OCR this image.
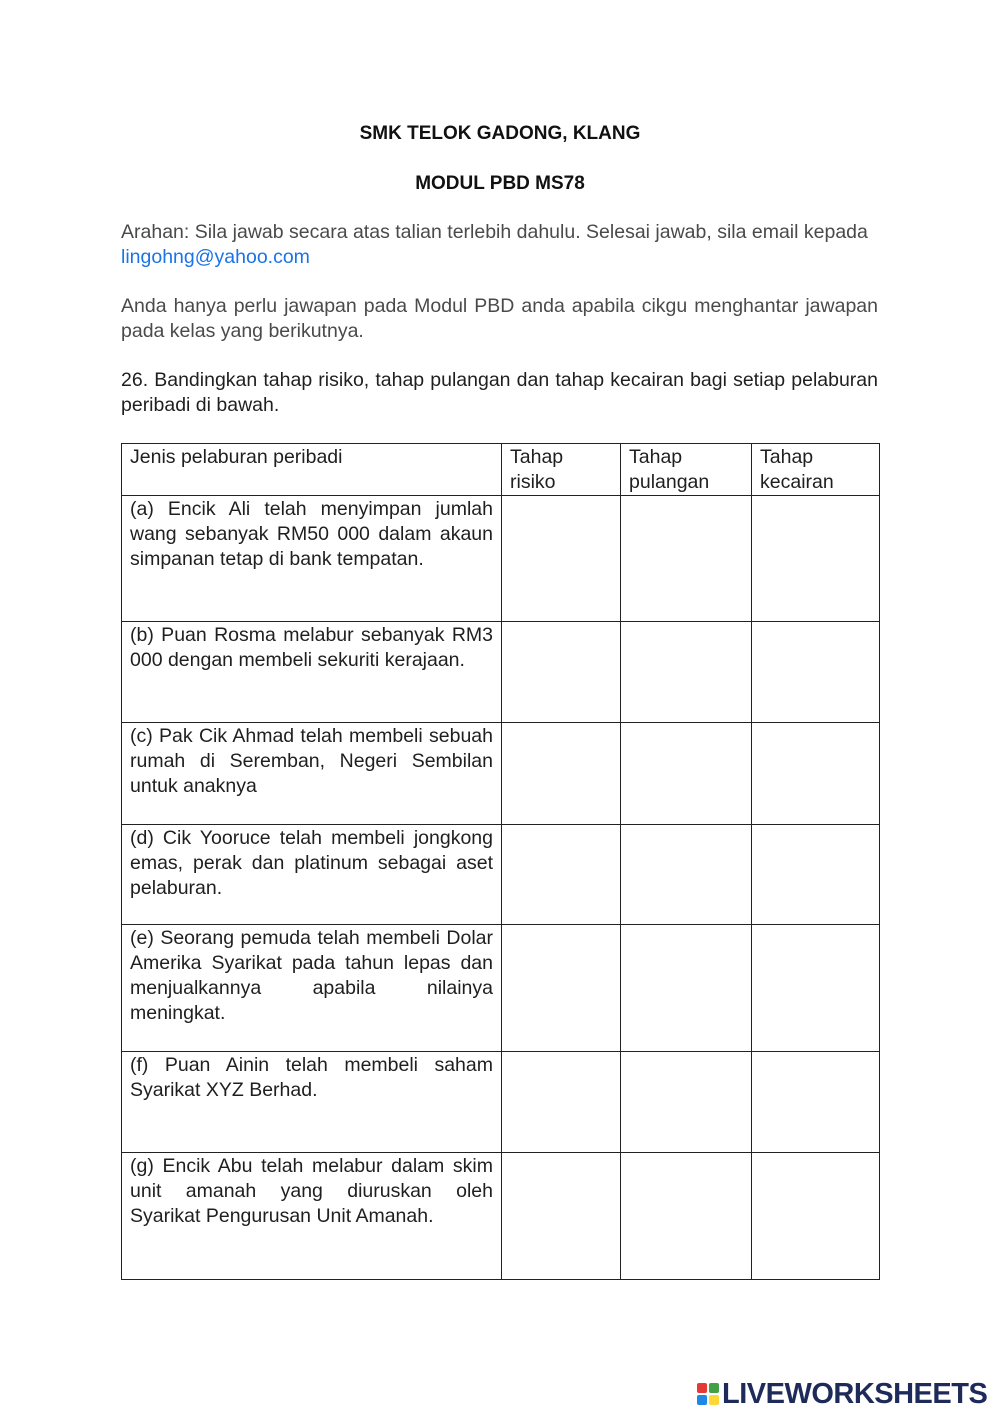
SMK TELOK GADONG, KLANG
MODUL PBD MS78
Arahan: Sila jawab secara atas talian terlebih dahulu. Selesai jawab, sila email kepada lingohng@yahoo.com
Anda hanya perlu jawapan pada Modul PBD anda apabila cikgu menghantar jawapan pada kelas yang berikutnya.
26. Bandingkan tahap risiko, tahap pulangan dan tahap kecairan bagi setiap pelaburan peribadi di bawah.
Jenis pelaburan peribadi	Tahap risiko	Tahap pulangan	Tahap kecairan
(a) Encik Ali telah menyimpan jumlah wang sebanyak RM50 000 dalam akaun simpanan tetap di bank tempatan.			
(b) Puan Rosma melabur sebanyak RM3 000 dengan membeli sekuriti kerajaan.			
(c) Pak Cik Ahmad telah membeli sebuah rumah di Seremban, Negeri Sembilan untuk anaknya			
(d) Cik Yooruce telah membeli jongkong emas, perak dan platinum sebagai aset pelaburan.			
(e) Seorang pemuda telah membeli Dolar Amerika Syarikat pada tahun lepas dan menjualkannya apabila nilainya meningkat.			
(f) Puan Ainin telah membeli saham Syarikat XYZ Berhad.			
(g) Encik Abu telah melabur dalam skim unit amanah yang diuruskan oleh Syarikat Pengurusan Unit Amanah.			
LIVEWORKSHEETS
